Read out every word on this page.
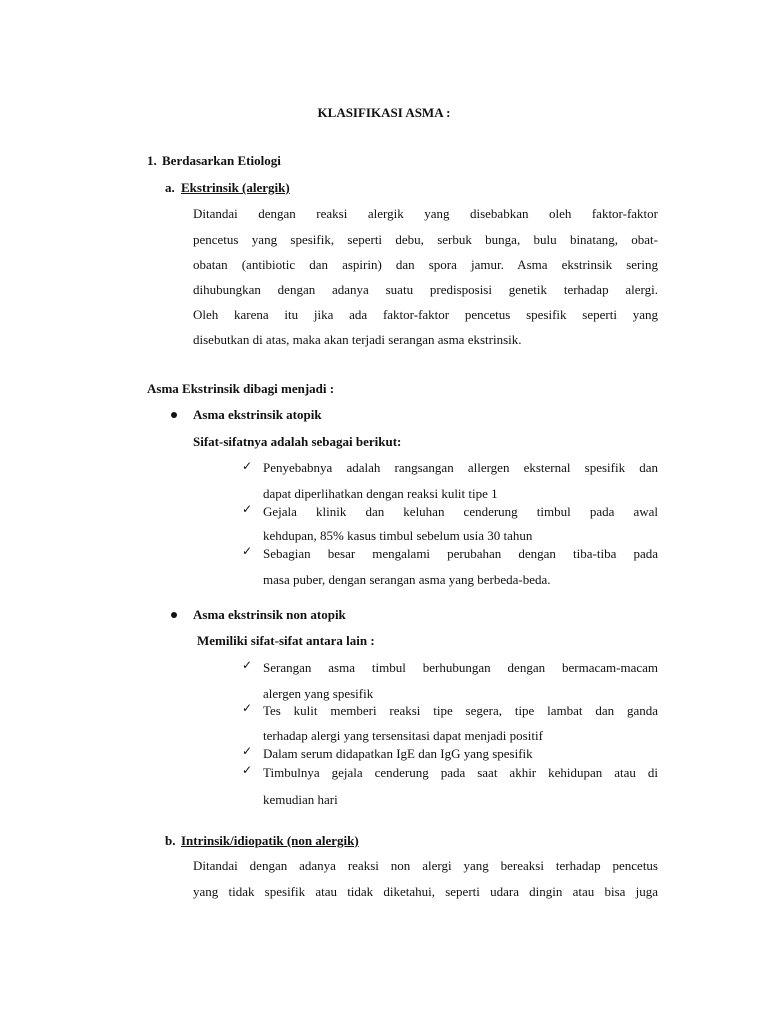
KLASIFIKASI ASMA :
1. Berdasarkan Etiologi
a. Ekstrinsik (alergik)
Ditandai dengan reaksi alergik yang disebabkan oleh faktor-faktor
pencetus yang spesifik, seperti debu, serbuk bunga, bulu binatang, obat-
obatan (antibiotic dan aspirin) dan spora jamur. Asma ekstrinsik sering
dihubungkan dengan adanya suatu predisposisi genetik terhadap alergi.
Oleh karena itu jika ada faktor-faktor pencetus spesifik seperti yang
disebutkan di atas, maka akan terjadi serangan asma ekstrinsik.
Asma Ekstrinsik dibagi menjadi :
Asma ekstrinsik atopik
Sifat-sifatnya adalah sebagai berikut:
✓ Penyebabnya adalah rangsangan allergen eksternal spesifik dan
dapat diperlihatkan dengan reaksi kulit tipe 1
✓ Gejala klinik dan keluhan cenderung timbul pada awal
kehdupan, 85% kasus timbul sebelum usia 30 tahun
✓ Sebagian besar mengalami perubahan dengan tiba-tiba pada
masa puber, dengan serangan asma yang berbeda-beda.
Asma ekstrinsik non atopik
Memiliki sifat-sifat antara lain :
✓ Serangan asma timbul berhubungan dengan bermacam-macam
alergen yang spesifik
✓ Tes kulit memberi reaksi tipe segera, tipe lambat dan ganda
terhadap alergi yang tersensitasi dapat menjadi positif
✓ Dalam serum didapatkan IgE dan IgG yang spesifik
✓ Timbulnya gejala cenderung pada saat akhir kehidupan atau di
kemudian hari
b. Intrinsik/idiopatik (non alergik)
Ditandai dengan adanya reaksi non alergi yang bereaksi terhadap pencetus
yang tidak spesifik atau tidak diketahui, seperti udara dingin atau bisa juga
